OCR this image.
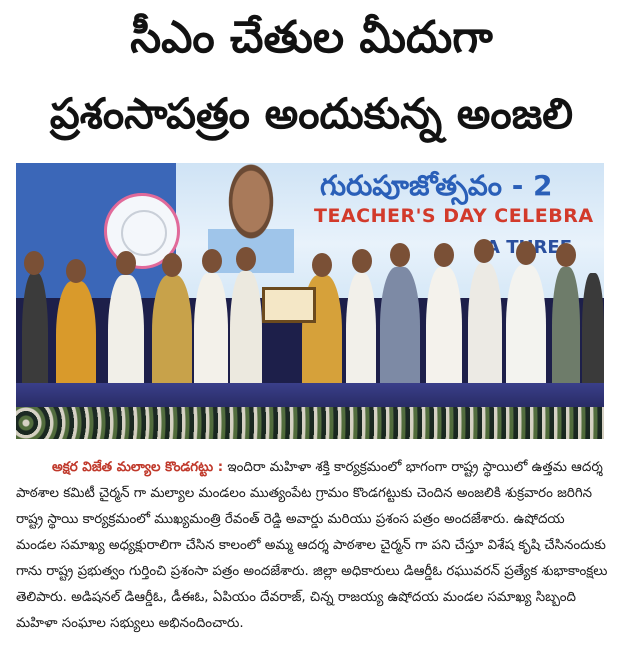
సీఎం చేతుల మీదుగా
ప్రశంసాపత్రం అందుకున్న అంజలి
గురుపూజోత్సవం - 2
TEACHER'S DAY CELEBRA
THREE

అక్షర విజేత మల్యాల కొండగట్టు : ఇందిరా మహిళా శక్తి కార్యక్రమంలో భాగంగా రాష్ట్ర స్థాయిలో ఉత్తమ ఆదర్శ పాఠశాల కమిటీ చైర్మన్ గా మల్యాల మండలం ముత్యంపేట గ్రామం కొండగట్టుకు చెందిన అంజలికి శుక్రవారం జరిగిన రాష్ట్ర స్థాయి కార్యక్రమంలో ముఖ్యమంత్రి రేవంత్ రెడ్డి అవార్డు మరియు ప్రశంస పత్రం అందజేశారు. ఉషోదయ మండల సమాఖ్య అధ్యక్షురాలిగా చేసిన కాలంలో అమ్మ ఆదర్శ పాఠశాల చైర్మన్ గా పని చేస్తూ విశేష కృషి చేసినందుకు గాను రాష్ట్ర ప్రభుత్వం గుర్తించి ప్రశంసా పత్రం అందజేశారు. జిల్లా అధికారులు డిఆర్డీఓ రఘువరన్ ప్రత్యేక శుభాకాంక్షలు తెలిపారు. అడిషనల్ డిఆర్డీఓ, డీఈఓ, ఏపియం దేవరాజ్, చిన్న రాజయ్య ఉషోదయ మండల సమాఖ్య సిబ్బంది మహిళా సంఘాల సభ్యులు అభినందించారు.
